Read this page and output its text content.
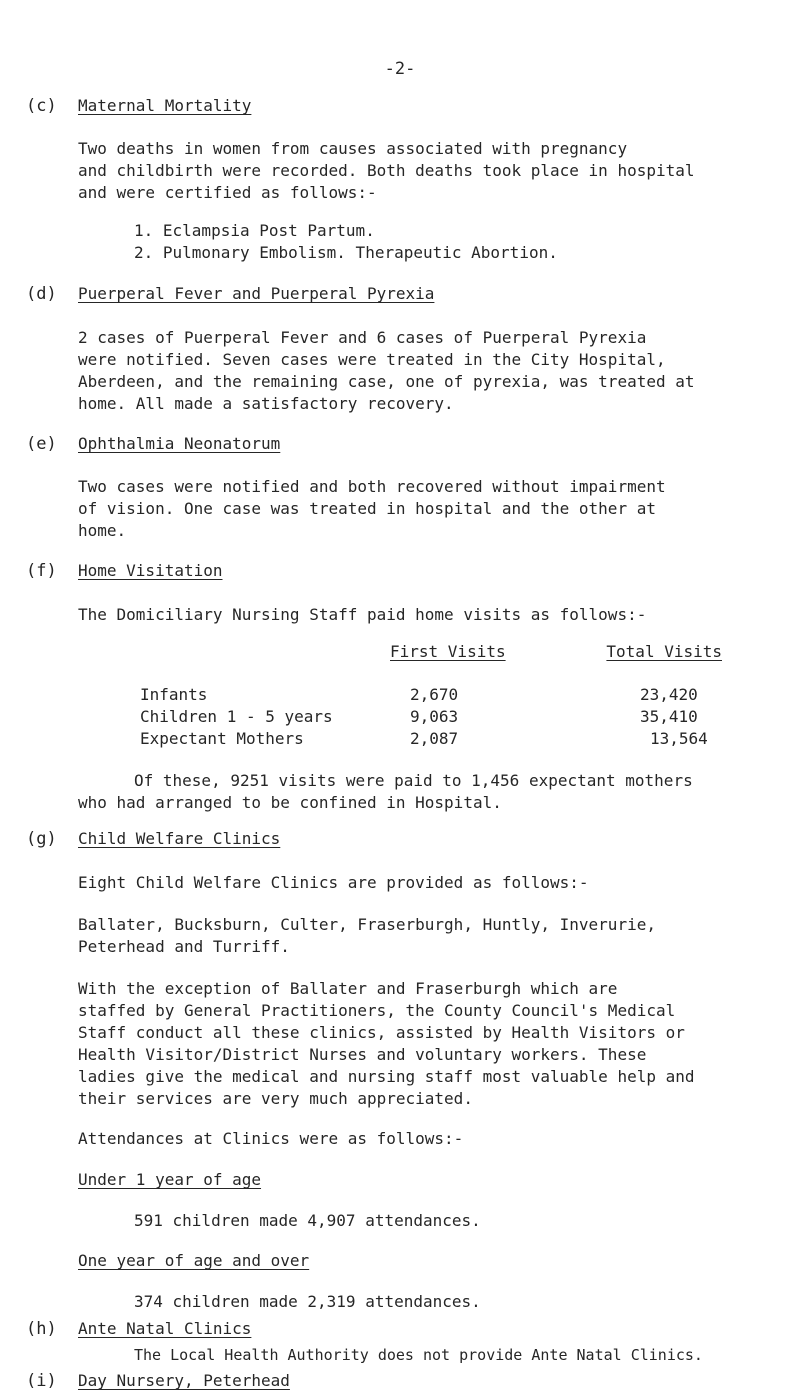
-2-
(c) Maternal Mortality
Two deaths in women from causes associated with pregnancy
and childbirth were recorded. Both deaths took place in hospital
and were certified as follows:-
1. Eclampsia Post Partum.
2. Pulmonary Embolism. Therapeutic Abortion.
(d) Puerperal Fever and Puerperal Pyrexia
2 cases of Puerperal Fever and 6 cases of Puerperal Pyrexia
were notified. Seven cases were treated in the City Hospital,
Aberdeen, and the remaining case, one of pyrexia, was treated at
home. All made a satisfactory recovery.
(e) Ophthalmia Neonatorum
Two cases were notified and both recovered without impairment
of vision. One case was treated in hospital and the other at
home.
(f) Home Visitation
The Domiciliary Nursing Staff paid home visits as follows:-
First Visits	Total Visits
Infants	2,670	23,420
Children 1 - 5 years	9,063	35,410
Expectant Mothers	2,087	13,564
Of these, 9251 visits were paid to 1,456 expectant mothers
who had arranged to be confined in Hospital.
(g) Child Welfare Clinics
Eight Child Welfare Clinics are provided as follows:-
Ballater, Bucksburn, Culter, Fraserburgh, Huntly, Inverurie,
Peterhead and Turriff.
With the exception of Ballater and Fraserburgh which are
staffed by General Practitioners, the County Council's Medical
Staff conduct all these clinics, assisted by Health Visitors or
Health Visitor/District Nurses and voluntary workers. These
ladies give the medical and nursing staff most valuable help and
their services are very much appreciated.
Attendances at Clinics were as follows:-
Under 1 year of age
591 children made 4,907 attendances.
One year of age and over
374 children made 2,319 attendances.
(h) Ante Natal Clinics
The Local Health Authority does not provide Ante Natal Clinics.
(i) Day Nursery, Peterhead
